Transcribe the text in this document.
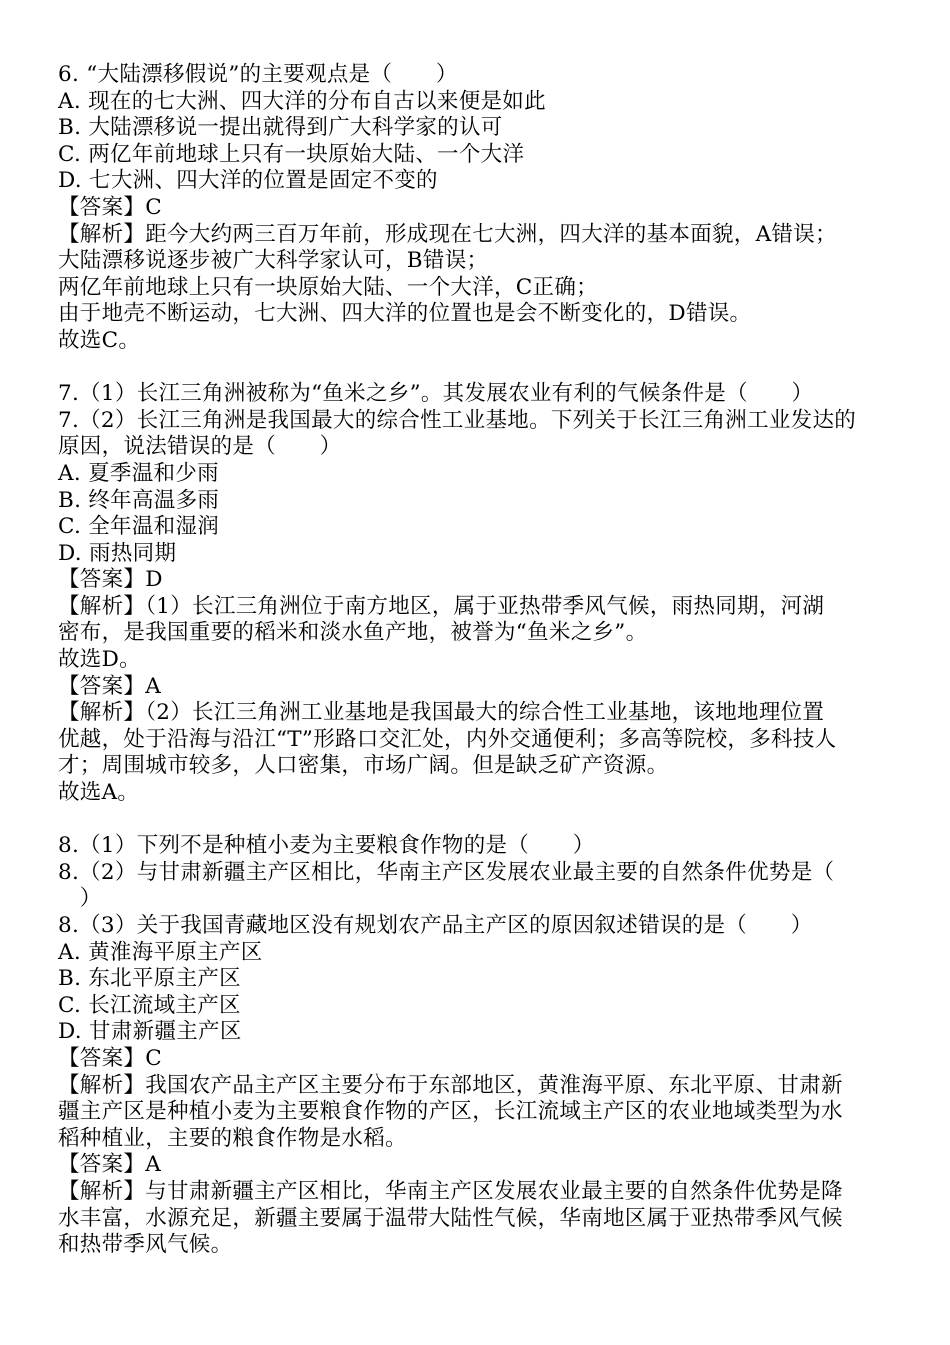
6. “大陆漂移假说”的主要观点是（　　）
A. 现在的七大洲、四大洋的分布自古以来便是如此
B. 大陆漂移说一提出就得到广大科学家的认可
C. 两亿年前地球上只有一块原始大陆、一个大洋
D. 七大洲、四大洋的位置是固定不变的
【答案】C
【解析】距今大约两三百万年前，形成现在七大洲，四大洋的基本面貌，A错误；
大陆漂移说逐步被广大科学家认可，B错误；
两亿年前地球上只有一块原始大陆、一个大洋，C正确；
由于地壳不断运动，七大洲、四大洋的位置也是会不断变化的，D错误。
故选C。
7.（1）长江三角洲被称为“鱼米之乡”。其发展农业有利的气候条件是（　　）
7.（2）长江三角洲是我国最大的综合性工业基地。下列关于长江三角洲工业发达的
原因，说法错误的是（　　）
A. 夏季温和少雨
B. 终年高温多雨
C. 全年温和湿润
D. 雨热同期
【答案】D
【解析】（1）长江三角洲位于南方地区，属于亚热带季风气候，雨热同期，河湖
密布，是我国重要的稻米和淡水鱼产地，被誉为“鱼米之乡”。
故选D。
【答案】A
【解析】（2）长江三角洲工业基地是我国最大的综合性工业基地，该地地理位置
优越，处于沿海与沿江“T”形路口交汇处，内外交通便利；多高等院校，多科技人
才；周围城市较多，人口密集，市场广阔。但是缺乏矿产资源。
故选A。
8.（1）下列不是种植小麦为主要粮食作物的是（　　）
8.（2）与甘肃新疆主产区相比，华南主产区发展农业最主要的自然条件优势是（
　）
8.（3）关于我国青藏地区没有规划农产品主产区的原因叙述错误的是（　　）
A. 黄淮海平原主产区
B. 东北平原主产区
C. 长江流域主产区
D. 甘肃新疆主产区
【答案】C
【解析】我国农产品主产区主要分布于东部地区，黄淮海平原、东北平原、甘肃新
疆主产区是种植小麦为主要粮食作物的产区，长江流域主产区的农业地域类型为水
稻种植业，主要的粮食作物是水稻。
【答案】A
【解析】与甘肃新疆主产区相比，华南主产区发展农业最主要的自然条件优势是降
水丰富，水源充足，新疆主要属于温带大陆性气候，华南地区属于亚热带季风气候
和热带季风气候。
